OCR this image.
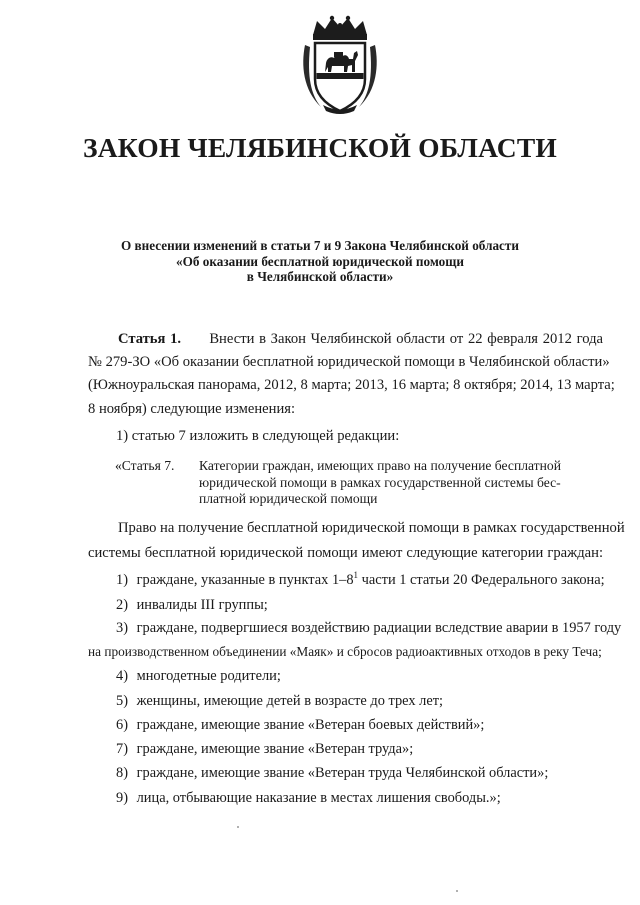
ЗАКОН ЧЕЛЯБИНСКОЙ ОБЛАСТИ
О внесении изменений в статьи 7 и 9 Закона Челябинской области
«Об оказании бесплатной юридической помощи
в Челябинской области»
Статья 1. Внести в Закон Челябинской области от 22 февраля 2012 года
№ 279-ЗО «Об оказании бесплатной юридической помощи в Челябинской области»
(Южноуральская панорама, 2012, 8 марта; 2013, 16 марта; 8 октября; 2014, 13 марта;
8 ноября) следующие изменения:
1) статью 7 изложить в следующей редакции:
«Статья 7. Категории граждан, имеющих право на получение бесплатной юридической помощи в рамках государственной системы бес-платной юридической помощи
Право на получение бесплатной юридической помощи в рамках государственной
системы бесплатной юридической помощи имеют следующие категории граждан:
1) граждане, указанные в пунктах $1-8^1$ части 1 статьи 20 Федерального закона;
2) инвалиды III группы;
3) граждане, подвергшиеся воздействию радиации вследствие аварии в 1957 году
на производственном объединении «Маяк» и сбросов радиоактивных отходов в реку Теча;
4) многодетные родители;
5) женщины, имеющие детей в возрасте до трех лет;
6) граждане, имеющие звание «Ветеран боевых действий»;
7) граждане, имеющие звание «Ветеран труда»;
8) граждане, имеющие звание «Ветеран труда Челябинской области»;
9) лица, отбывающие наказание в местах лишения свободы.»;
